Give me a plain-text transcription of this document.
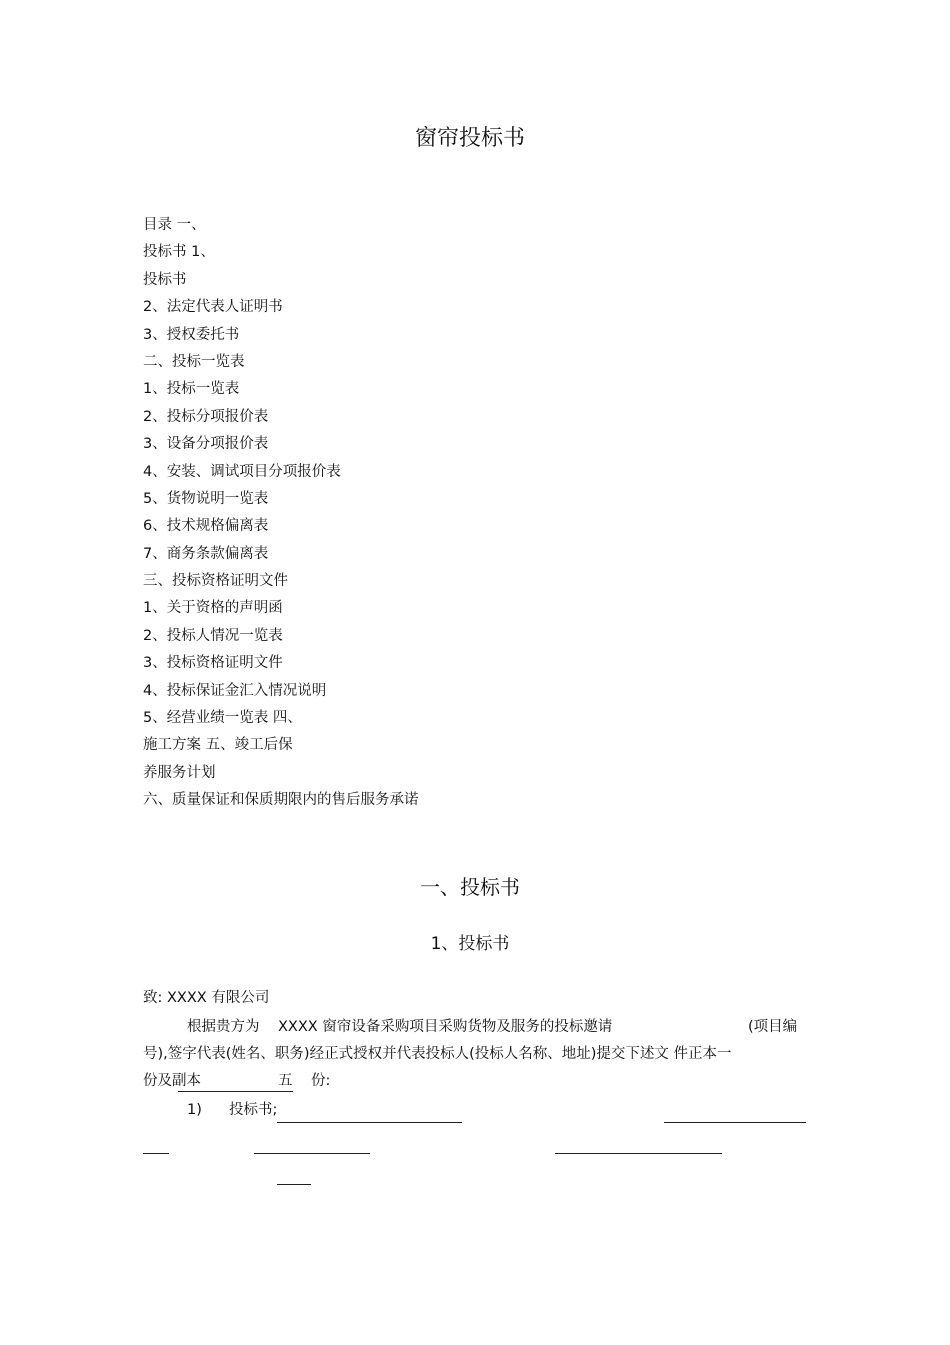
窗帘投标书
目录 一、
投标书 1、
投标书
2、法定代表人证明书
3、授权委托书
二、投标一览表
1、投标一览表
2、投标分项报价表
3、设备分项报价表
4、安装、调试项目分项报价表
5、货物说明一览表
6、技术规格偏离表
7、商务条款偏离表
三、投标资格证明文件
1、关于资格的声明函
2、投标人情况一览表
3、投标资格证明文件
4、投标保证金汇入情况说明
5、经营业绩一览表 四、
施工方案 五、竣工后保
养服务计划
六、质量保证和保质期限内的售后服务承诺
一、投标书
1、投标书
致: XXXX 有限公司
根据贵方为 XXXX 窗帘设备采购项目采购货物及服务的投标邀请	(项目编
号),签字代表(姓名、职务)经正式授权并代表投标人(投标人名称、地址)提交下述文 件正本一
份及副本	五 份:
1) 投标书;
